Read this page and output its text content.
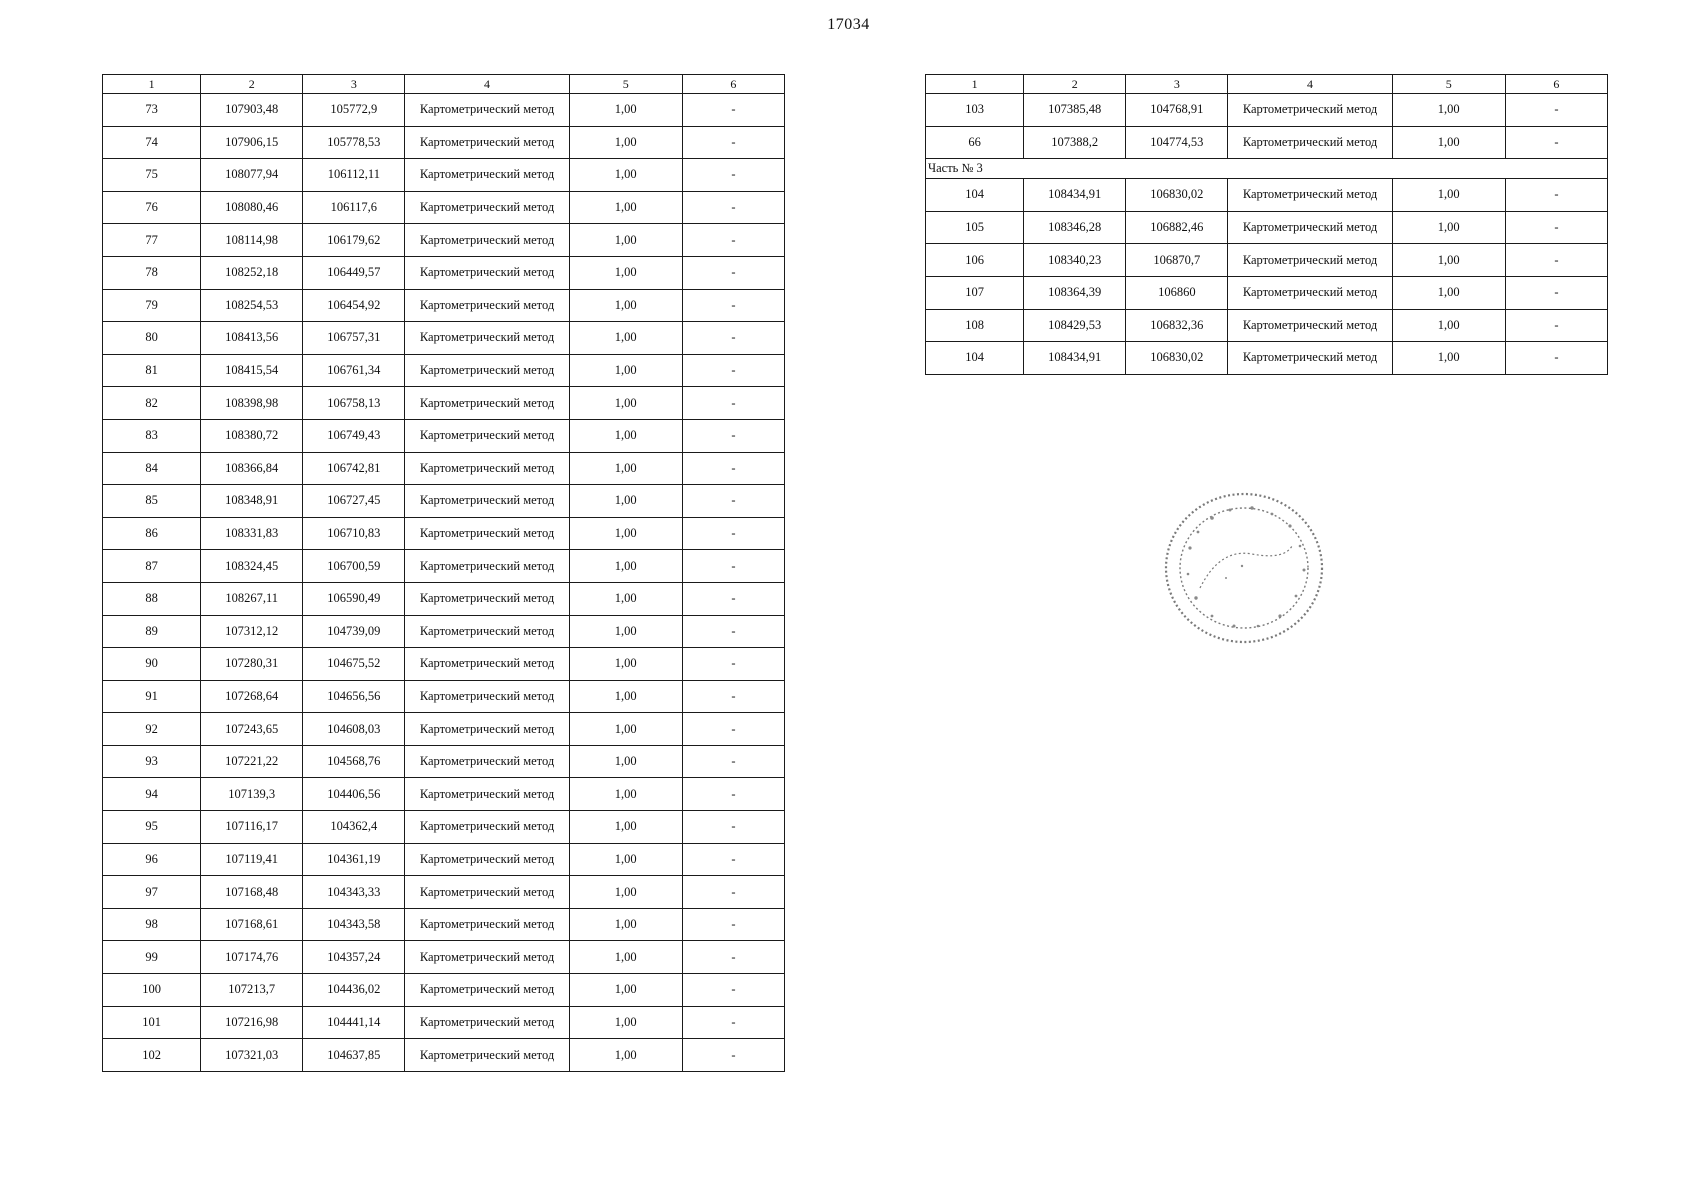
17034
1	2	3	4	5	6
73	107903,48	105772,9	Картометрический метод	1,00	-
74	107906,15	105778,53	Картометрический метод	1,00	-
75	108077,94	106112,11	Картометрический метод	1,00	-
76	108080,46	106117,6	Картометрический метод	1,00	-
77	108114,98	106179,62	Картометрический метод	1,00	-
78	108252,18	106449,57	Картометрический метод	1,00	-
79	108254,53	106454,92	Картометрический метод	1,00	-
80	108413,56	106757,31	Картометрический метод	1,00	-
81	108415,54	106761,34	Картометрический метод	1,00	-
82	108398,98	106758,13	Картометрический метод	1,00	-
83	108380,72	106749,43	Картометрический метод	1,00	-
84	108366,84	106742,81	Картометрический метод	1,00	-
85	108348,91	106727,45	Картометрический метод	1,00	-
86	108331,83	106710,83	Картометрический метод	1,00	-
87	108324,45	106700,59	Картометрический метод	1,00	-
88	108267,11	106590,49	Картометрический метод	1,00	-
89	107312,12	104739,09	Картометрический метод	1,00	-
90	107280,31	104675,52	Картометрический метод	1,00	-
91	107268,64	104656,56	Картометрический метод	1,00	-
92	107243,65	104608,03	Картометрический метод	1,00	-
93	107221,22	104568,76	Картометрический метод	1,00	-
94	107139,3	104406,56	Картометрический метод	1,00	-
95	107116,17	104362,4	Картометрический метод	1,00	-
96	107119,41	104361,19	Картометрический метод	1,00	-
97	107168,48	104343,33	Картометрический метод	1,00	-
98	107168,61	104343,58	Картометрический метод	1,00	-
99	107174,76	104357,24	Картометрический метод	1,00	-
100	107213,7	104436,02	Картометрический метод	1,00	-
101	107216,98	104441,14	Картометрический метод	1,00	-
102	107321,03	104637,85	Картометрический метод	1,00	-
1	2	3	4	5	6
103	107385,48	104768,91	Картометрический метод	1,00	-
66	107388,2	104774,53	Картометрический метод	1,00	-
Часть № 3					
104	108434,91	106830,02	Картометрический метод	1,00	-
105	108346,28	106882,46	Картометрический метод	1,00	-
106	108340,23	106870,7	Картометрический метод	1,00	-
107	108364,39	106860	Картометрический метод	1,00	-
108	108429,53	106832,36	Картометрический метод	1,00	-
104	108434,91	106830,02	Картометрический метод	1,00	-
